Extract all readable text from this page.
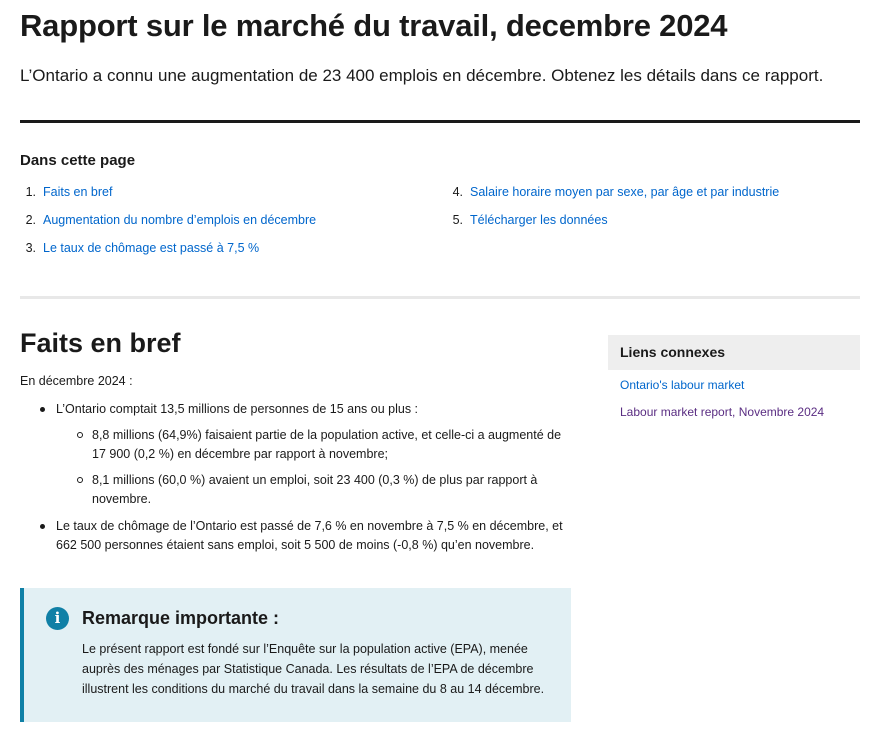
Rapport sur le marché du travail, decembre 2024

L’Ontario a connu une augmentation de 23 400 emplois en décembre. Obtenez les détails dans ce rapport.

Dans cette page
1. Faits en bref
2. Augmentation du nombre d’emplois en décembre
3. Le taux de chômage est passé à 7,5 %
4. Salaire horaire moyen par sexe, par âge et par industrie
5. Télécharger les données
Faits en bref

En décembre 2024 :

L’Ontario comptait 13,5 millions de personnes de 15 ans ou plus :
8,8 millions (64,9%) faisaient partie de la population active, et celle-ci a augmenté de 17 900 (0,2 %) en décembre par rapport à novembre;
8,1 millions (60,0 %) avaient un emploi, soit 23 400 (0,3 %) de plus par rapport à novembre.
Le taux de chômage de l’Ontario est passé de 7,6 % en novembre à 7,5 % en décembre, et 662 500 personnes étaient sans emploi, soit 5 500 de moins (-0,8 %) qu’en novembre.
i	Remarque importante :

Le présent rapport est fondé sur l’Enquête sur la population active (EPA), menée auprès des ménages par Statistique Canada. Les résultats de l’EPA de décembre illustrent les conditions du marché du travail dans la semaine du 8 au 14 décembre.

Liens connexes
Ontario's labour market
Labour market report, Novembre 2024
